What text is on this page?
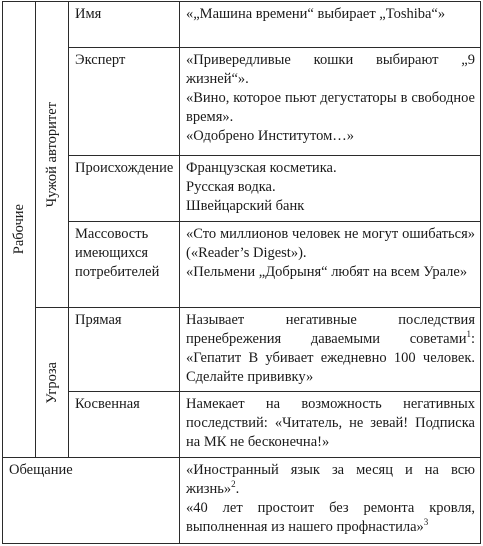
Рабочие	Чужой авторитет	Имя	«„Машина времени“ выбирает „Toshiba“»

		Эксперт	«Привередливые кошки выбирают „9 жизней“».
«Вино, которое пьют дегустаторы в свободное время».
«Одобрено Институтом…»

		Происхождение	Французская косметика.
Русская водка.
Швейцарский банк

		Массовость имеющихся потребителей	«Сто миллионов человек не могут ошибаться» («Reader’s Digest»).
«Пельмени „Добрыня“ любят на всем Урале»

	Угроза	Прямая	Называет негативные последствия пренебрежения даваемыми советами$^1$: «Гепатит В убивает ежедневно 100 человек. Сделайте прививку»
		Косвенная	Намекает на возможность негативных последствий: «Читатель, не зевай! Подписка на МК не бесконечна!»
Обещание			«Иностранный язык за месяц и на всю жизнь»$^2$.
«40 лет простоит без ремонта кровля, выполненная из нашего профнастила»$^3$
